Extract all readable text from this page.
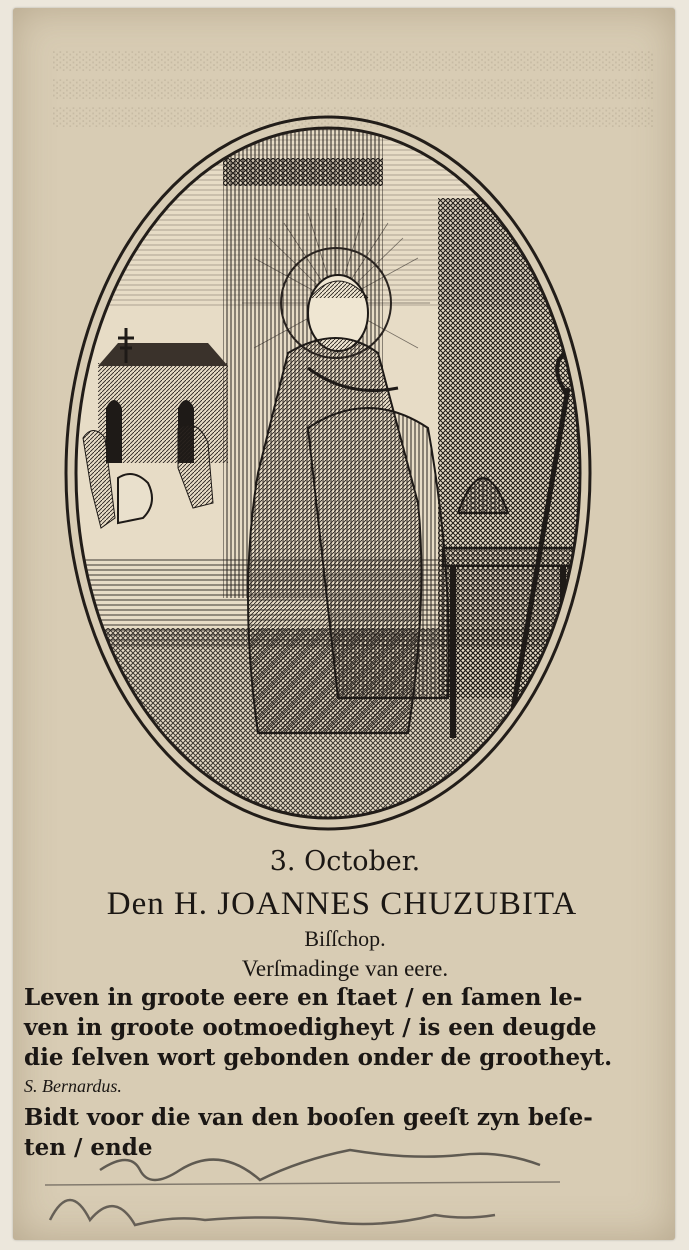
░░░░░░░░░░░░░░░░░░░░░░░░░░░░░░░░░░░░░░░░░░░░░░
░░░░░░░░░░░░░░░░░░░░░░░░░░░░░░░░░░░░░░░░░░░░░░
░░░░░░░░░░░░░░░░░░░░░░░░░░░░░░░░░░░░░░░░░░░░░░
3. October.
Den H. JOANNES CHUZUBITA
Biſſchop.
Verſmadinge van eere.
Leven in groote eere en ſtaet / en ſamen le-
ven in groote ootmoedigheyt / is een deugde
die ſelven wort gebonden onder de grootheyt.
S. Bernardus.
Bidt voor die van den booſen geeſt zyn beſe-
ten / ende
